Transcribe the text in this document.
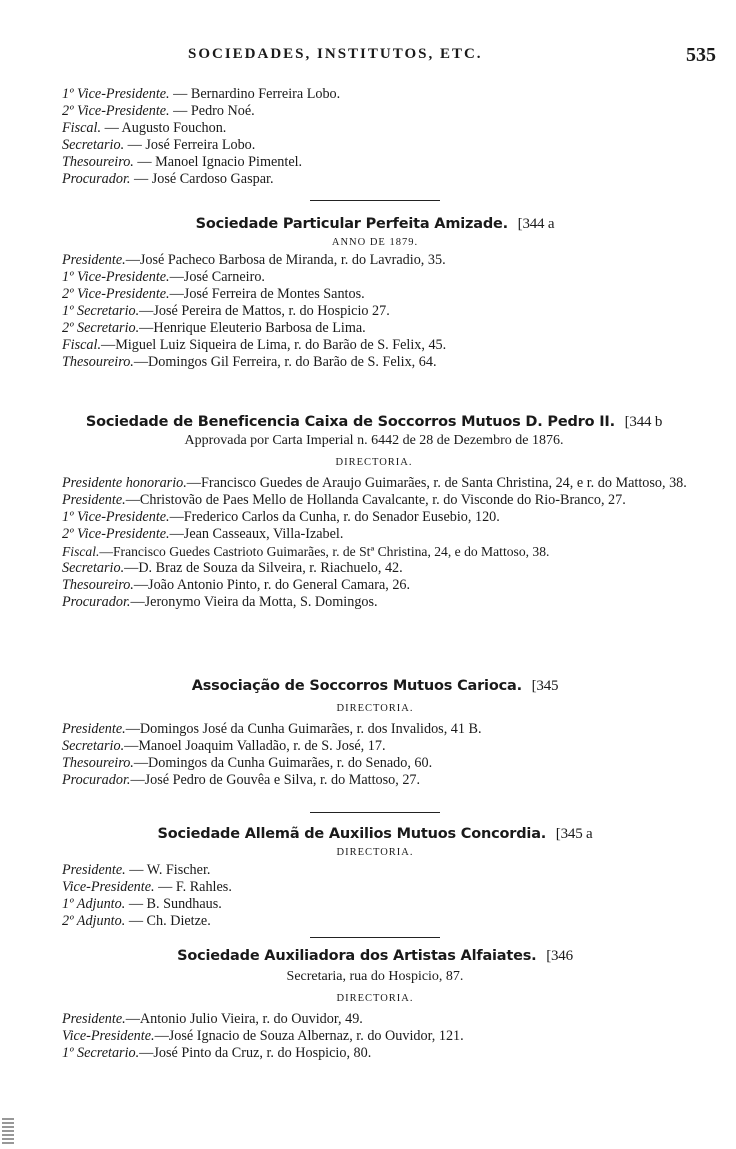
SOCIEDADES, INSTITUTOS, ETC.	535
1º Vice-Presidente. — Bernardino Ferreira Lobo.
2º Vice-Presidente. — Pedro Noé.
Fiscal. — Augusto Fouchon.
Secretario. — José Ferreira Lobo.
Thesoureiro. — Manoel Ignacio Pimentel.
Procurador. — José Cardoso Gaspar.
Sociedade Particular Perfeita Amizade. [344 a
ANNO DE 1879.
Presidente.—José Pacheco Barbosa de Miranda, r. do Lavradio, 35.
1º Vice-Presidente.—José Carneiro.
2º Vice-Presidente.—José Ferreira de Montes Santos.
1º Secretario.—José Pereira de Mattos, r. do Hospicio 27.
2º Secretario.—Henrique Eleuterio Barbosa de Lima.
Fiscal.—Miguel Luiz Siqueira de Lima, r. do Barão de S. Felix, 45.
Thesoureiro.—Domingos Gil Ferreira, r. do Barão de S. Felix, 64.
Sociedade de Beneficencia Caixa de Soccorros Mutuos D. Pedro II. [344 b
Approvada por Carta Imperial n. 6442 de 28 de Dezembro de 1876.
DIRECTORIA.
Presidente honorario.—Francisco Guedes de Araujo Guimarães, r. de Santa Christina, 24, e r. do Mattoso, 38.
Presidente.—Christovão de Paes Mello de Hollanda Cavalcante, r. do Visconde do Rio-Branco, 27.
1º Vice-Presidente.—Frederico Carlos da Cunha, r. do Senador Eusebio, 120.
2º Vice-Presidente.—Jean Casseaux, Villa-Izabel.
Fiscal.—Francisco Guedes Castrioto Guimarães, r. de Stª Christina, 24, e do Mattoso, 38.
Secretario.—D. Braz de Souza da Silveira, r. Riachuelo, 42.
Thesoureiro.—João Antonio Pinto, r. do General Camara, 26.
Procurador.—Jeronymo Vieira da Motta, S. Domingos.
Associação de Soccorros Mutuos Carioca. [345
DIRECTORIA.
Presidente.—Domingos José da Cunha Guimarães, r. dos Invalidos, 41 B.
Secretario.—Manoel Joaquim Valladão, r. de S. José, 17.
Thesoureiro.—Domingos da Cunha Guimarães, r. do Senado, 60.
Procurador.—José Pedro de Gouvêa e Silva, r. do Mattoso, 27.
Sociedade Allemã de Auxilios Mutuos Concordia. [345 a
DIRECTORIA.
Presidente. — W. Fischer.
Vice-Presidente. — F. Rahles.
1º Adjunto. — B. Sundhaus.
2º Adjunto. — Ch. Dietze.
Sociedade Auxiliadora dos Artistas Alfaiates. [346
Secretaria, rua do Hospicio, 87.
DIRECTORIA.
Presidente.—Antonio Julio Vieira, r. do Ouvidor, 49.
Vice-Presidente.—José Ignacio de Souza Albernaz, r. do Ouvidor, 121.
1º Secretario.—José Pinto da Cruz, r. do Hospicio, 80.
